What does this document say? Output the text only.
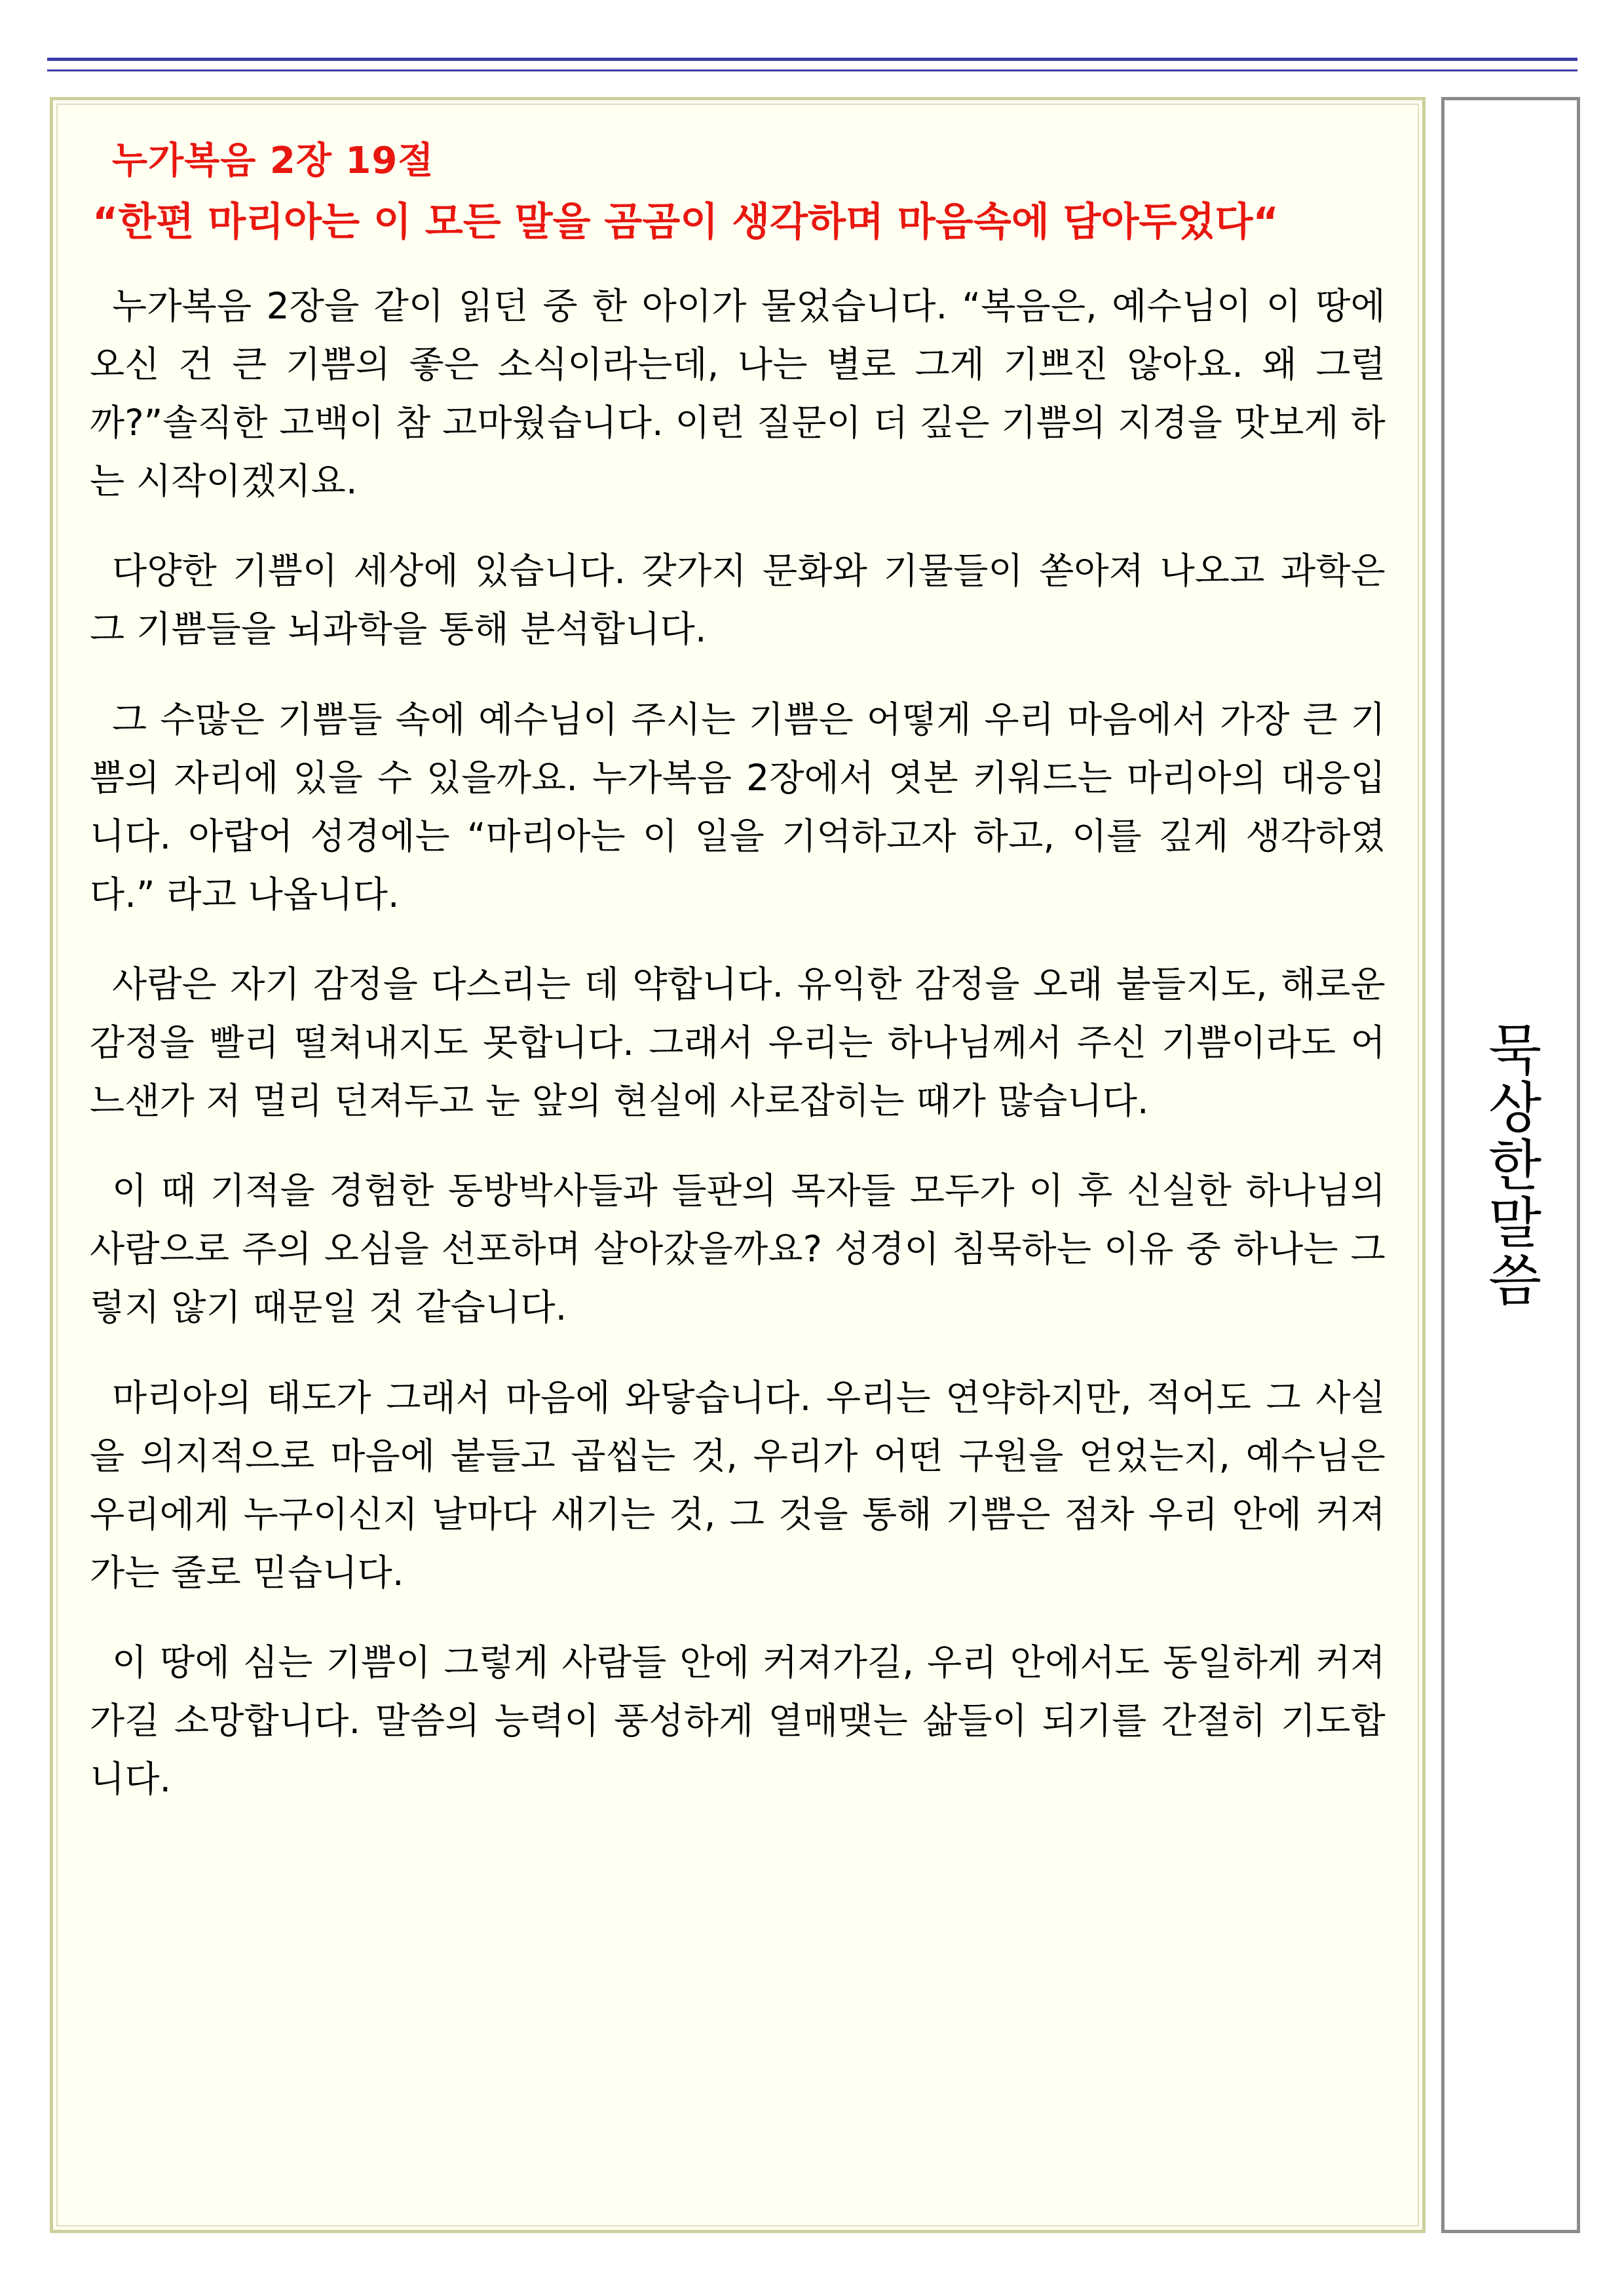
누가복음 2장 19절
“한편 마리아는 이 모든 말을 곰곰이 생각하며 마음속에 담아두었다“

누가복음 2장을 같이 읽던 중 한 아이가 물었습니다. “복음은, 예수님이 이 땅에 오신 건 큰 기쁨의 좋은 소식이라는데, 나는 별로 그게 기쁘진 않아요. 왜 그럴까?”솔직한 고백이 참 고마웠습니다. 이런 질문이 더 깊은 기쁨의 지경을 맛보게 하는 시작이겠지요.

다양한 기쁨이 세상에 있습니다. 갖가지 문화와 기물들이 쏟아져 나오고 과학은 그 기쁨들을 뇌과학을 통해 분석합니다.

그 수많은 기쁨들 속에 예수님이 주시는 기쁨은 어떻게 우리 마음에서 가장 큰 기쁨의 자리에 있을 수 있을까요. 누가복음 2장에서 엿본 키워드는 마리아의 대응입니다. 아랍어 성경에는 “마리아는 이 일을 기억하고자 하고, 이를 깊게 생각하였다.” 라고 나옵니다.

사람은 자기 감정을 다스리는 데 약합니다. 유익한 감정을 오래 붙들지도, 해로운 감정을 빨리 떨쳐내지도 못합니다. 그래서 우리는 하나님께서 주신 기쁨이라도 어느샌가 저 멀리 던져두고 눈 앞의 현실에 사로잡히는 때가 많습니다.

이 때 기적을 경험한 동방박사들과 들판의 목자들 모두가 이 후 신실한 하나님의 사람으로 주의 오심을 선포하며 살아갔을까요? 성경이 침묵하는 이유 중 하나는 그렇지 않기 때문일 것 같습니다.

마리아의 태도가 그래서 마음에 와닿습니다. 우리는 연약하지만, 적어도 그 사실을 의지적으로 마음에 붙들고 곱씹는 것, 우리가 어떤 구원을 얻었는지, 예수님은 우리에게 누구이신지 날마다 새기는 것, 그 것을 통해 기쁨은 점차 우리 안에 커져가는 줄로 믿습니다.

이 땅에 심는 기쁨이 그렇게 사람들 안에 커져가길, 우리 안에서도 동일하게 커져가길 소망합니다. 말씀의 능력이 풍성하게 열매맺는 삶들이 되기를 간절히 기도합니다.

묵상한말씀
